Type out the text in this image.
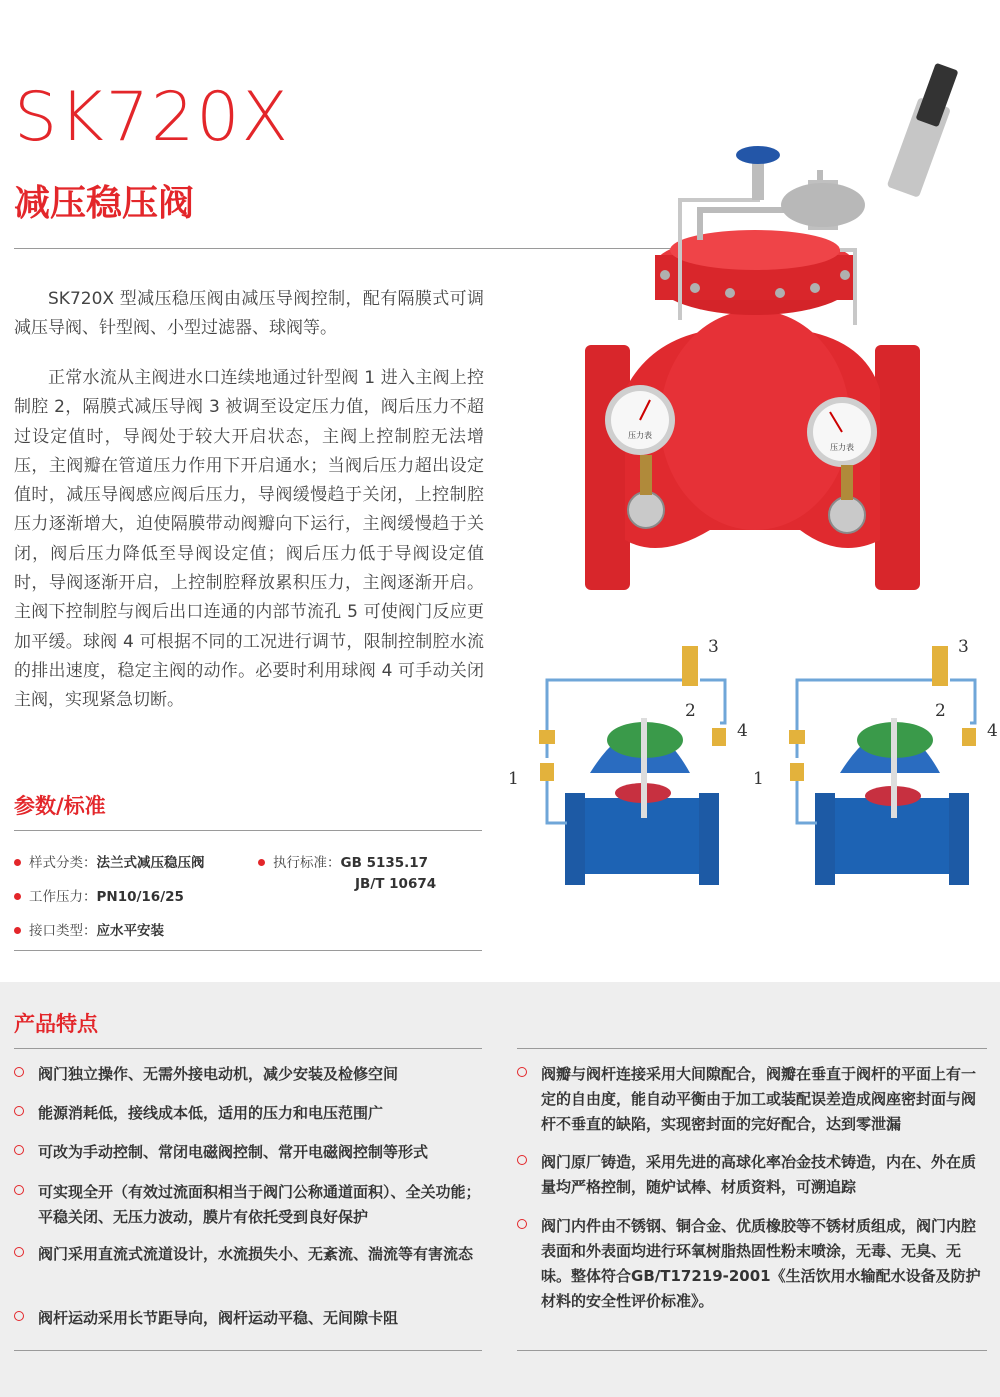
SK720X
减压稳压阀

SK720X 型减压稳压阀由减压导阀控制，配有隔膜式可调减压导阀、针型阀、小型过滤器、球阀等。

正常水流从主阀进水口连续地通过针型阀 1 进入主阀上控制腔 2，隔膜式减压导阀 3 被调至设定压力值，阀后压力不超过设定值时，导阀处于较大开启状态，主阀上控制腔无法增压，主阀瓣在管道压力作用下开启通水；当阀后压力超出设定值时，减压导阀感应阀后压力，导阀缓慢趋于关闭，上控制腔压力逐渐增大，迫使隔膜带动阀瓣向下运行，主阀缓慢趋于关闭，阀后压力降低至导阀设定值；阀后压力低于导阀设定值时，导阀逐渐开启，上控制腔释放累积压力，主阀逐渐开启。主阀下控制腔与阀后出口连通的内部节流孔 5 可使阀门反应更加平缓。球阀 4 可根据不同的工况进行调节，限制控制腔水流的排出速度，稳定主阀的动作。必要时利用球阀 4 可手动关闭主阀，实现紧急切断。

压力表
压力表
1
2
3
4
1
2
3
4
参数/标准
样式分类：法兰式减压稳压阀
工作压力：PN10/16/25
接口类型：应水平安装
执行标准：GB 5135.17
JB/T 10674
产品特点
阀门独立操作、无需外接电动机，减少安装及检修空间
能源消耗低，接线成本低，适用的压力和电压范围广
可改为手动控制、常闭电磁阀控制、常开电磁阀控制等形式
可实现全开（有效过流面积相当于阀门公称通道面积）、全关功能；平稳关闭、无压力波动，膜片有依托受到良好保护
阀门采用直流式流道设计，水流损失小、无紊流、湍流等有害流态
阀杆运动采用长节距导向，阀杆运动平稳、无间隙卡阻
阀瓣与阀杆连接采用大间隙配合，阀瓣在垂直于阀杆的平面上有一定的自由度，能自动平衡由于加工或装配误差造成阀座密封面与阀杆不垂直的缺陷，实现密封面的完好配合，达到零泄漏
阀门原厂铸造，采用先进的高球化率冶金技术铸造，内在、外在质量均严格控制，随炉试棒、材质资料，可溯追踪
阀门内件由不锈钢、铜合金、优质橡胶等不锈材质组成，阀门内腔表面和外表面均进行环氧树脂热固性粉末喷涂，无毒、无臭、无味。整体符合GB/T17219-2001《生活饮用水输配水设备及防护材料的安全性评价标准》。
